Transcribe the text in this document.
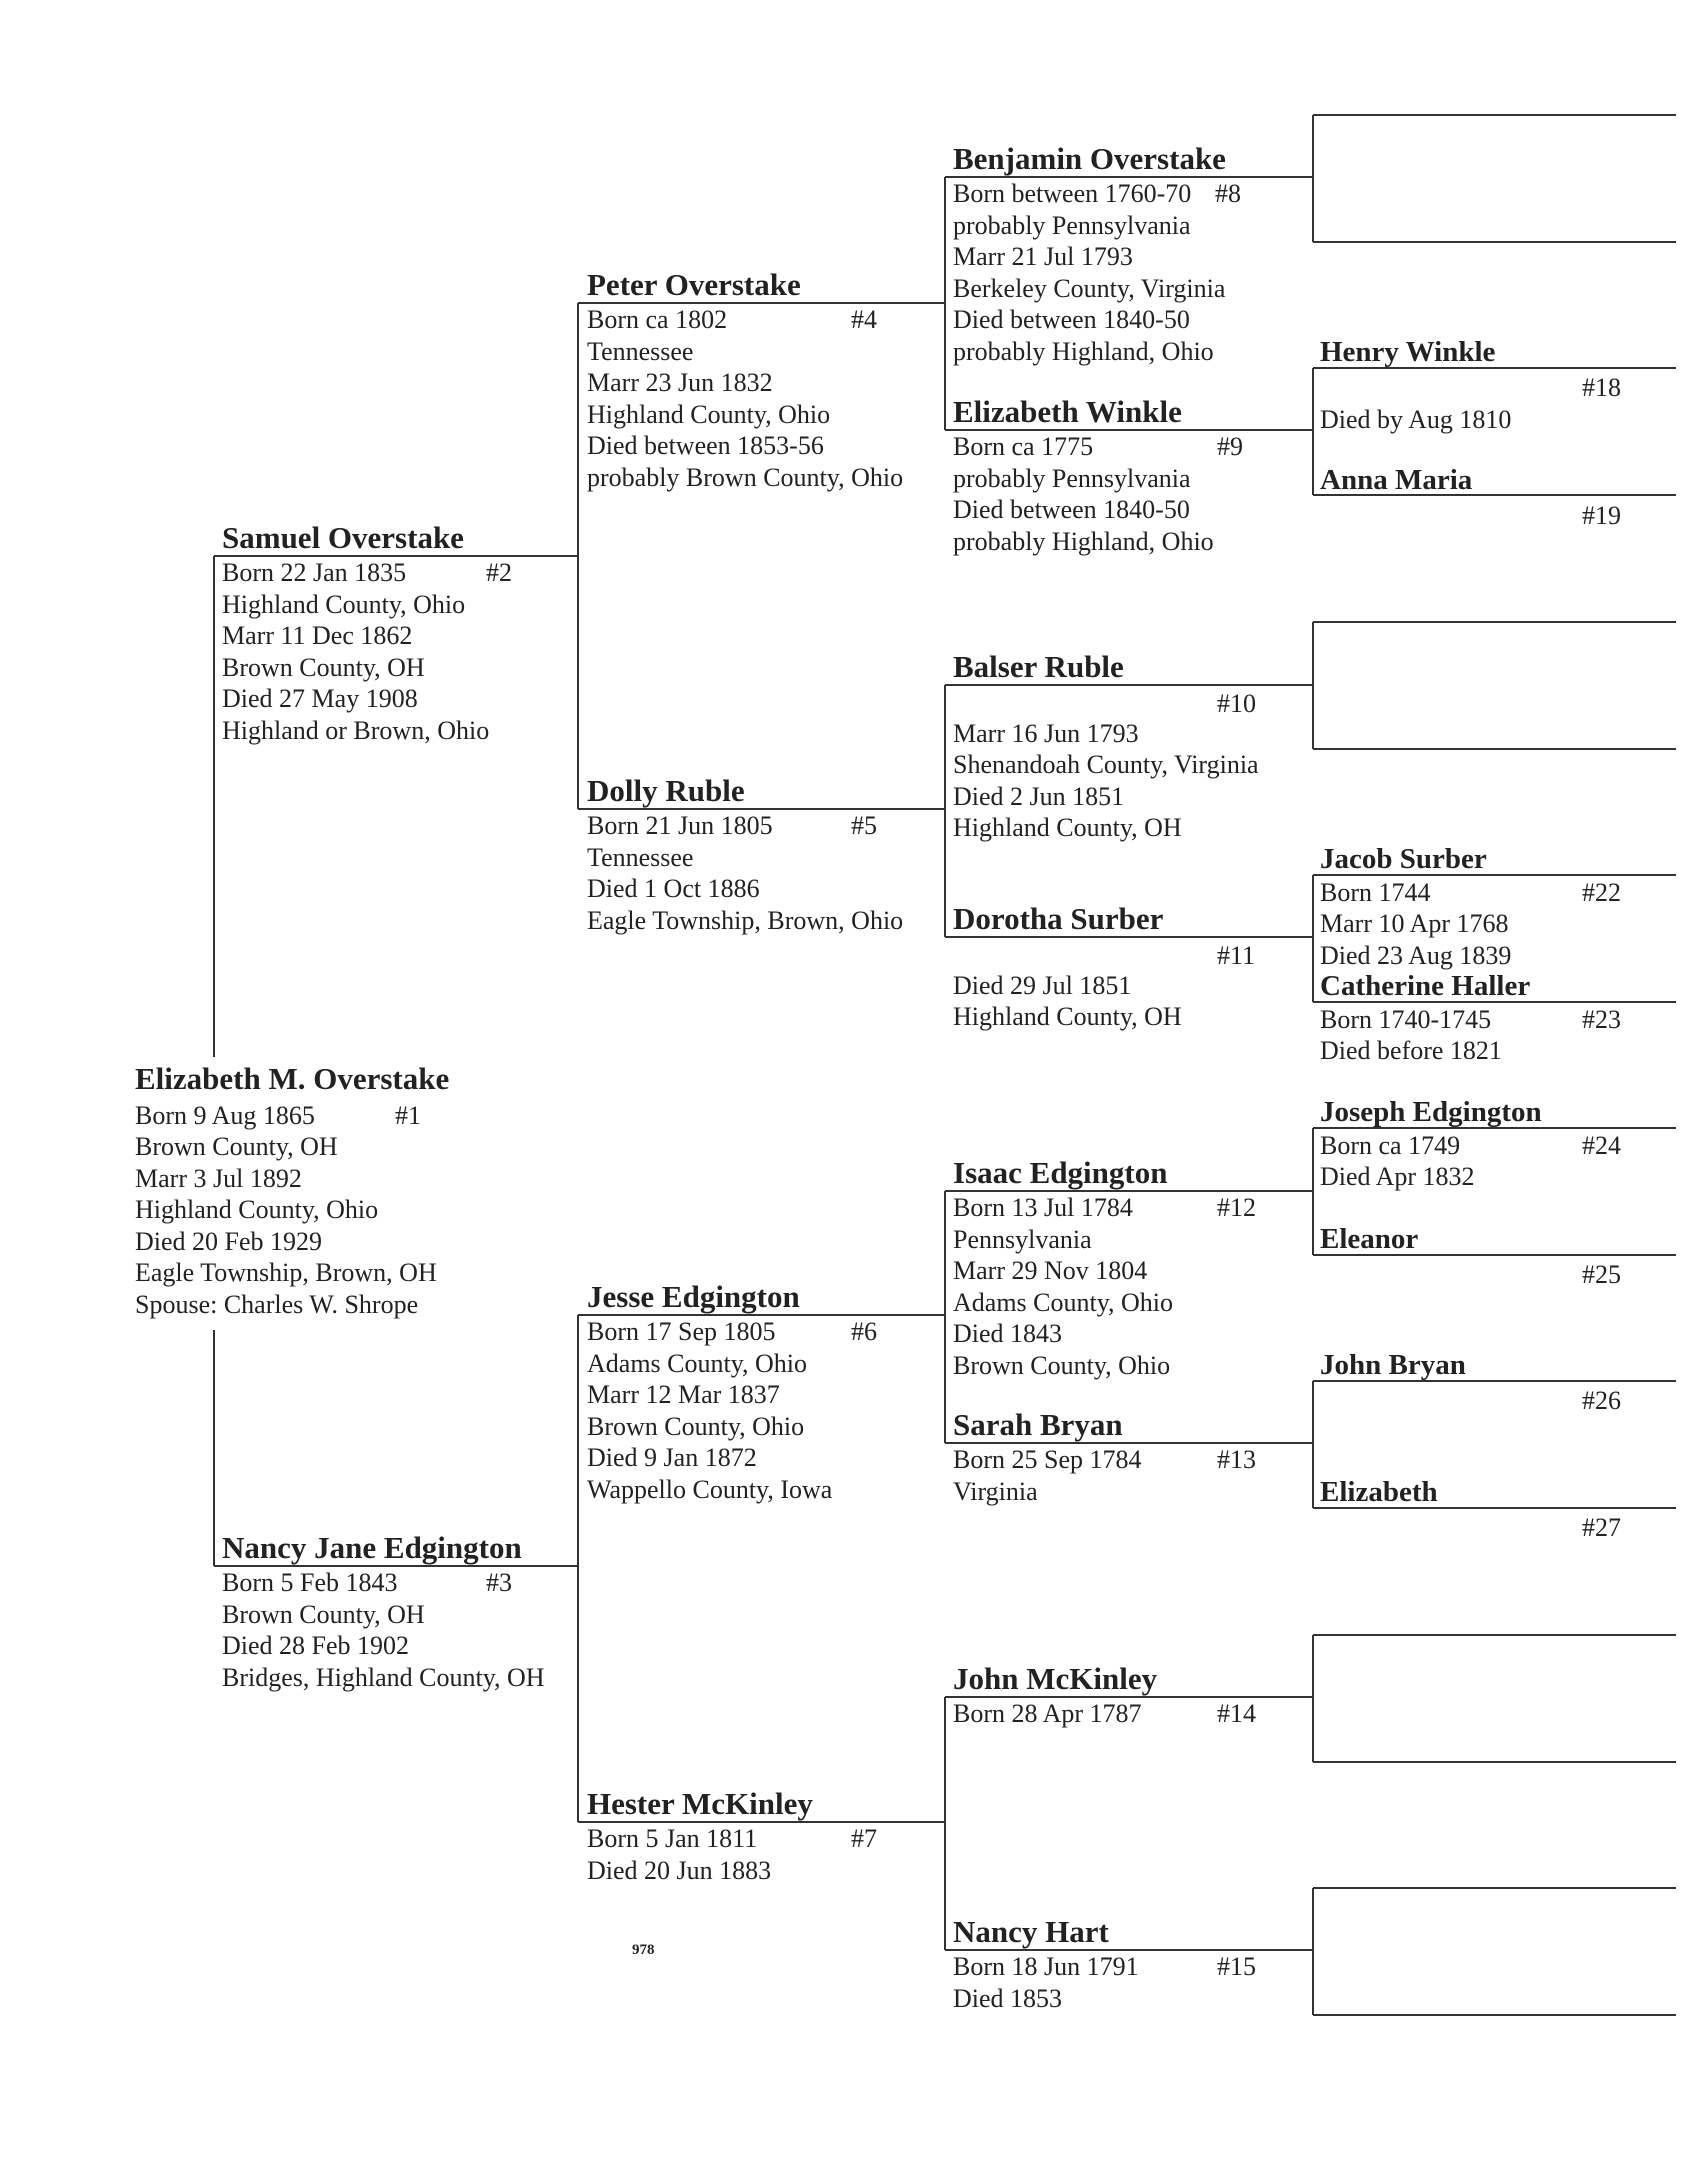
Elizabeth M. Overstake
#1
Born 9 Aug 1865
Brown County, OH
Marr 3 Jul 1892
Highland County, Ohio
Died 20 Feb 1929
Eagle Township, Brown, OH
Spouse: Charles W. Shrope
Samuel Overstake
#2
Born 22 Jan 1835
Highland County, Ohio
Marr 11 Dec 1862
Brown County, OH
Died 27 May 1908
Highland or Brown, Ohio
Nancy Jane Edgington
#3
Born 5 Feb 1843
Brown County, OH
Died 28 Feb 1902
Bridges, Highland County, OH
Peter Overstake
#4
Born ca 1802
Tennessee
Marr 23 Jun 1832
Highland County, Ohio
Died between 1853-56
probably Brown County, Ohio
Dolly Ruble
#5
Born 21 Jun 1805
Tennessee
Died 1 Oct 1886
Eagle Township, Brown, Ohio
Jesse Edgington
#6
Born 17 Sep 1805
Adams County, Ohio
Marr 12 Mar 1837
Brown County, Ohio
Died 9 Jan 1872
Wappello County, Iowa
Hester McKinley
#7
Born 5 Jan 1811
Died 20 Jun 1883
Benjamin Overstake
#8
Born between 1760-70
probably Pennsylvania
Marr 21 Jul 1793
Berkeley County, Virginia
Died between 1840-50
probably Highland, Ohio
Elizabeth Winkle
#9
Born ca 1775
probably Pennsylvania
Died between 1840-50
probably Highland, Ohio
Balser Ruble
#10
Marr 16 Jun 1793
Shenandoah County, Virginia
Died 2 Jun 1851
Highland County, OH
Dorotha Surber
#11
Died 29 Jul 1851
Highland County, OH
Isaac Edgington
#12
Born 13 Jul 1784
Pennsylvania
Marr 29 Nov 1804
Adams County, Ohio
Died 1843
Brown County, Ohio
Sarah Bryan
#13
Born 25 Sep 1784
Virginia
John McKinley
#14
Born 28 Apr 1787
Nancy Hart
#15
Born 18 Jun 1791
Died 1853
Henry Winkle
#18
Died by Aug 1810
Anna Maria
#19
Jacob Surber
#22
Born 1744
Marr 10 Apr 1768
Died 23 Aug 1839
Catherine Haller
#23
Born 1740-1745
Died before 1821
Joseph Edgington
#24
Born ca 1749
Died Apr 1832
Eleanor
#25
John Bryan
#26
Elizabeth
#27
978
